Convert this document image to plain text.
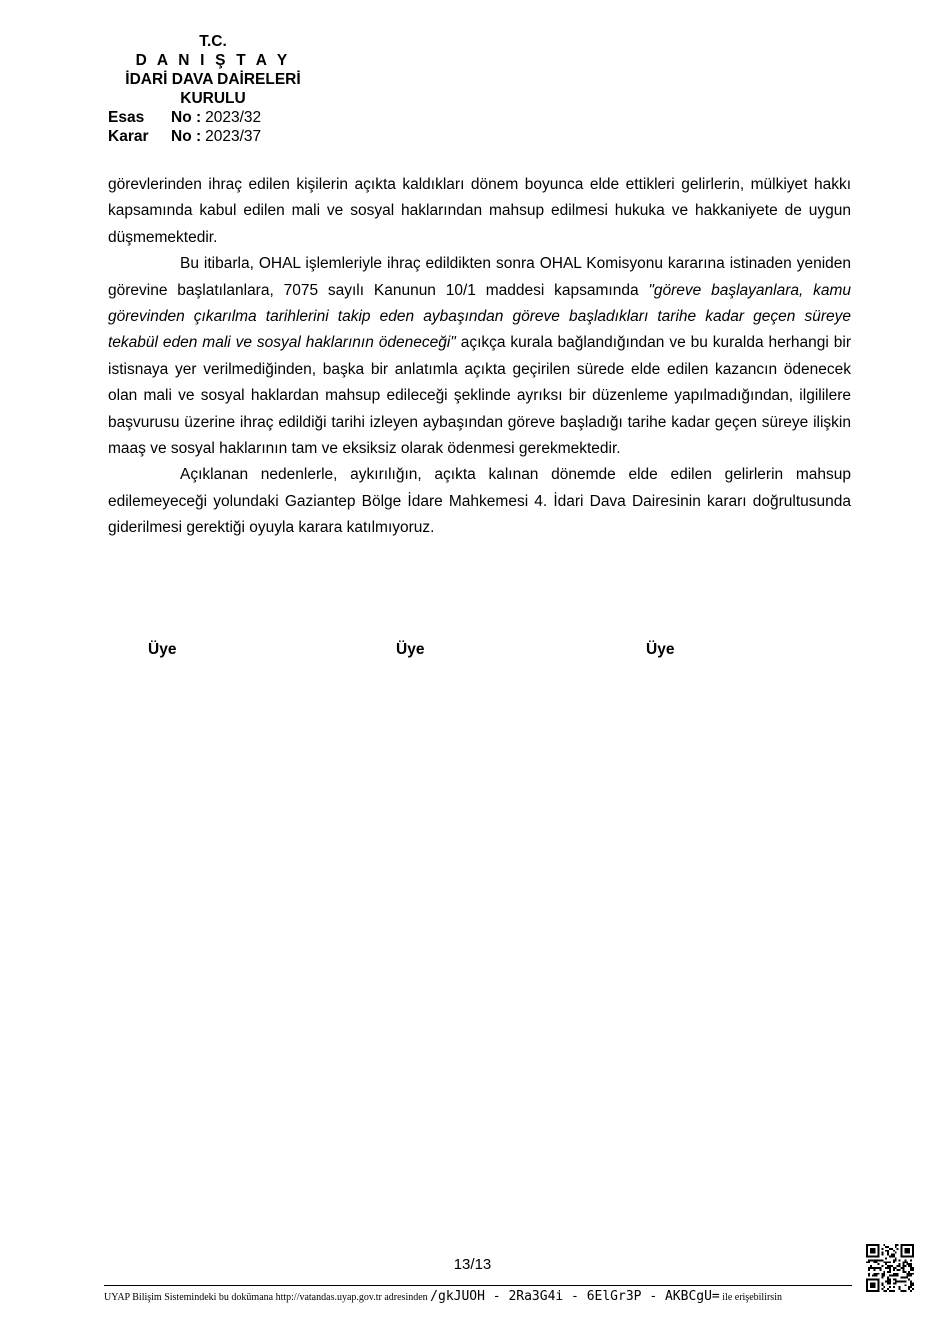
T.C.
D A N I Ş T A Y
İDARİ DAVA DAİRELERİ
KURULU
Esas	No : 2023/32
Karar	No : 2023/37

görevlerinden ihraç edilen kişilerin açıkta kaldıkları dönem boyunca elde ettikleri gelirlerin, mülkiyet hakkı kapsamında kabul edilen mali ve sosyal haklarından mahsup edilmesi hukuka ve hakkaniyete de uygun düşmemektedir.

Bu itibarla, OHAL işlemleriyle ihraç edildikten sonra OHAL Komisyonu kararına istinaden yeniden görevine başlatılanlara, 7075 sayılı Kanunun 10/1 maddesi kapsamında "göreve başlayanlara, kamu görevinden çıkarılma tarihlerini takip eden aybaşından göreve başladıkları tarihe kadar geçen süreye tekabül eden mali ve sosyal haklarının ödeneceği" açıkça kurala bağlandığından ve bu kuralda herhangi bir istisnaya yer verilmediğinden, başka bir anlatımla açıkta geçirilen sürede elde edilen kazancın ödenecek olan mali ve sosyal haklardan mahsup edileceği şeklinde ayrıksı bir düzenleme yapılmadığından, ilgililere başvurusu üzerine ihraç edildiği tarihi izleyen aybaşından göreve başladığı tarihe kadar geçen süreye ilişkin maaş ve sosyal haklarının tam ve eksiksiz olarak ödenmesi gerekmektedir.

Açıklanan nedenlerle, aykırılığın, açıkta kalınan dönemde elde edilen gelirlerin mahsup edilemeyeceği yolundaki Gaziantep Bölge İdare Mahkemesi 4. İdari Dava Dairesinin kararı doğrultusunda giderilmesi gerektiği oyuyla karara katılmıyoruz.

Üye	Üye	Üye
13/13
UYAP Bilişim Sistemindeki bu dokümana http://vatandas.uyap.gov.tr adresinden /gkJUOH - 2Ra3G4i - 6ElGr3P - AKBCgU= ile erişebilirsin
